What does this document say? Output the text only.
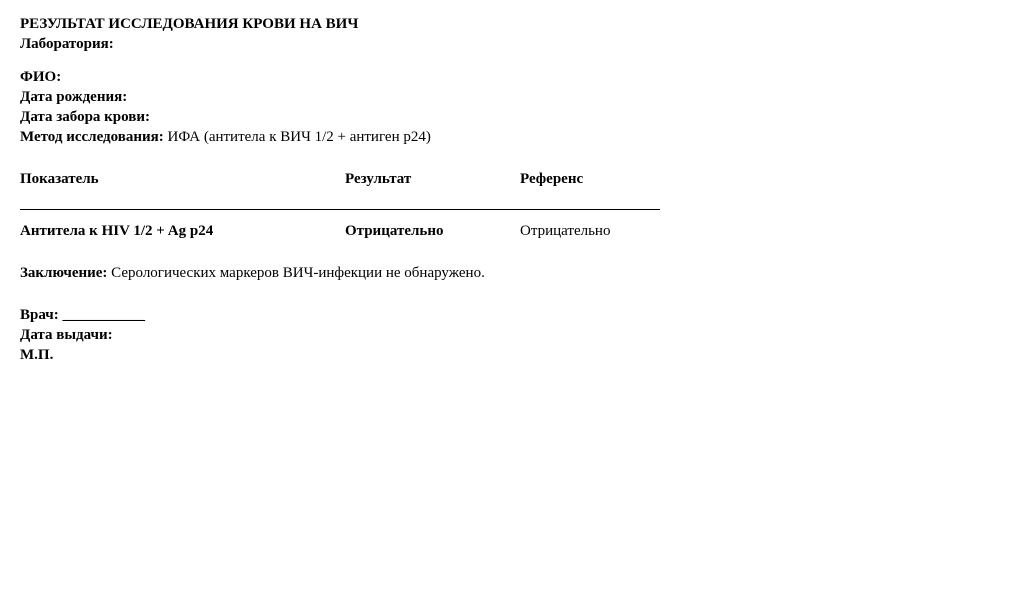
РЕЗУЛЬТАТ ИССЛЕДОВАНИЯ КРОВИ НА ВИЧ
Лаборатория:
ФИО:
Дата рождения:
Дата забора крови:
Метод исследования: ИФА (антитела к ВИЧ 1/2 + антиген p24)
Показатель	Результат	Референс
Антитела к HIV 1/2 + Ag p24	Отрицательно	Отрицательно
Заключение: Серологических маркеров ВИЧ-инфекции не обнаружено.
Врач: ___________
Дата выдачи:
М.П.
